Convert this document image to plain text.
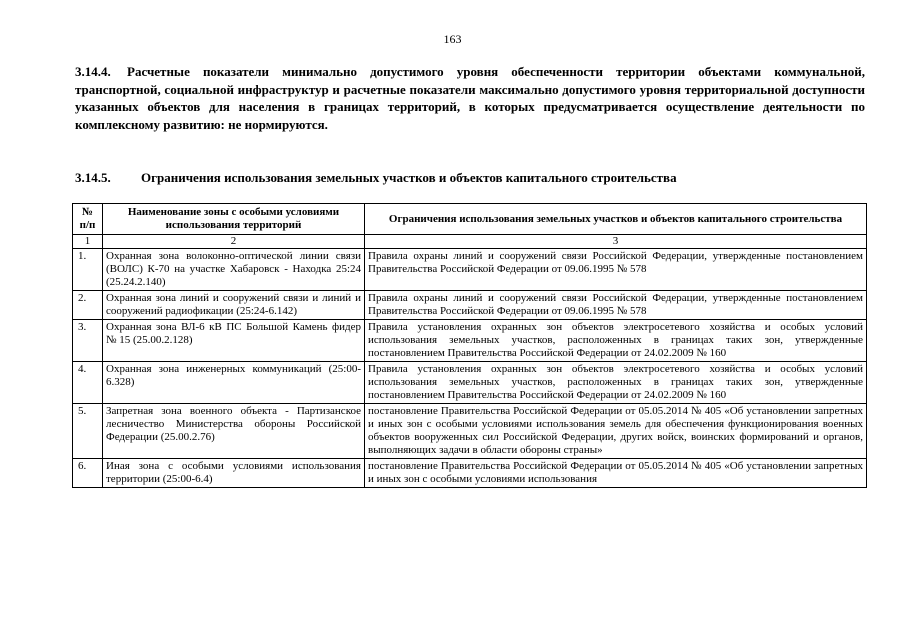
163
3.14.4. Расчетные показатели минимально допустимого уровня обеспеченности территории объектами коммунальной, транспортной, социальной инфраструктур и расчетные показатели максимально допустимого уровня территориальной доступности указанных объектов для населения в границах территорий, в которых предусматривается осуществление деятельности по комплексному развитию: не нормируются.
3.14.5. Ограничения использования земельных участков и объектов капитального строительства
№ п/п	Наименование зоны с особыми условиями использования территорий	Ограничения использования земельных участков и объектов капитального строительства
1	2	3
1.	Охранная зона волоконно-оптической линии связи (ВОЛС) К-70 на участке Хабаровск - Находка 25:24 (25.24.2.140)	Правила охраны линий и сооружений связи Российской Федерации, утвержденные постановлением Правительства Российской Федерации от 09.06.1995 № 578
2.	Охранная зона линий и сооружений связи и линий и сооружений радиофикации (25:24-6.142)	Правила охраны линий и сооружений связи Российской Федерации, утвержденные постановлением Правительства Российской Федерации от 09.06.1995 № 578
3.	Охранная зона ВЛ-6 кВ ПС Большой Камень фидер № 15 (25.00.2.128)	Правила установления охранных зон объектов электросетевого хозяйства и особых условий использования земельных участков, расположенных в границах таких зон, утвержденные постановлением Правительства Российской Федерации от 24.02.2009 № 160
4.	Охранная зона инженерных коммуникаций (25:00-6.328)	Правила установления охранных зон объектов электросетевого хозяйства и особых условий использования земельных участков, расположенных в границах таких зон, утвержденные постановлением Правительства Российской Федерации от 24.02.2009 № 160
5.	Запретная зона военного объекта - Партизанское лесничество Министерства обороны Российской Федерации (25.00.2.76)	постановление Правительства Российской Федерации от 05.05.2014 № 405 «Об установлении запретных и иных зон с особыми условиями использования земель для обеспечения функционирования военных объектов вооруженных сил Российской Федерации, других войск, воинских формирований и органов, выполняющих задачи в области обороны страны»
6.	Иная зона с особыми условиями использования территории (25:00-6.4)	постановление Правительства Российской Федерации от 05.05.2014 № 405 «Об установлении запретных и иных зон с особыми условиями использования
